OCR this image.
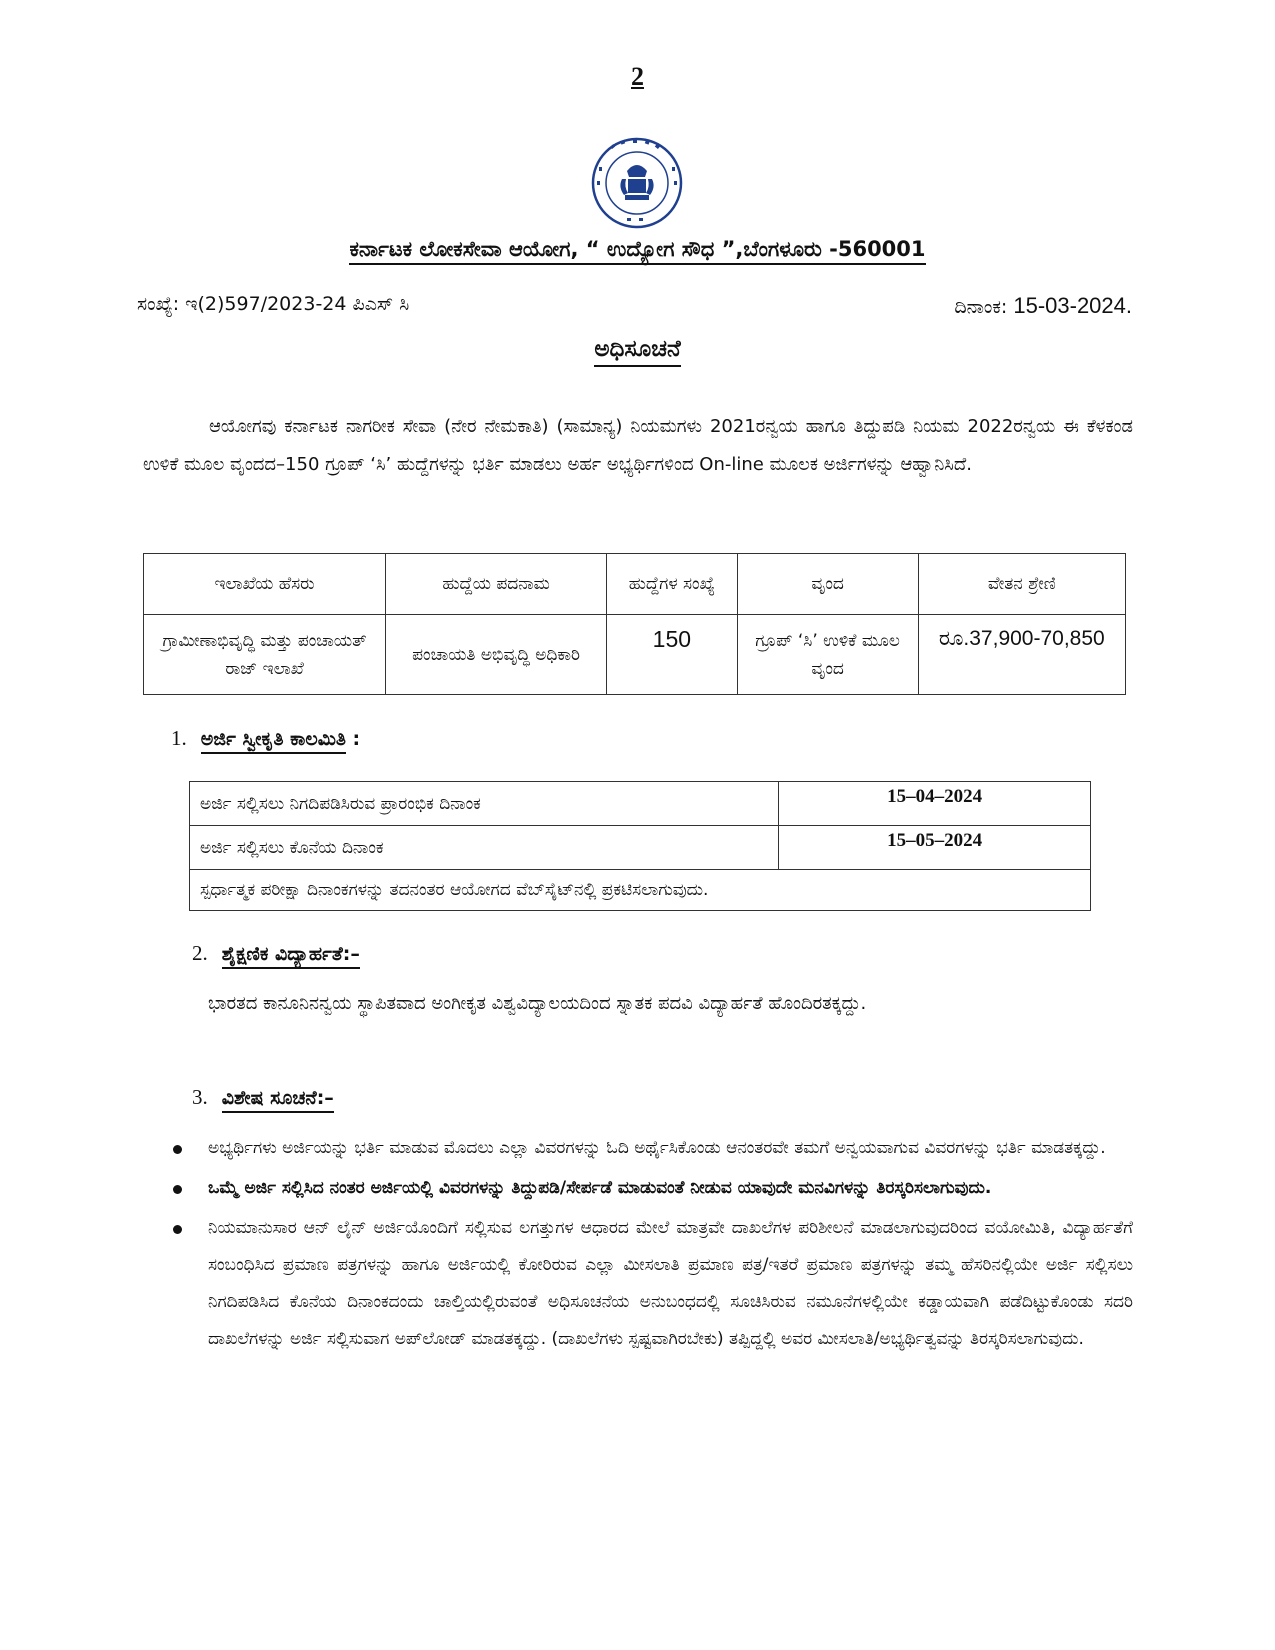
2
ಕರ್ನಾಟಕ ಲೋಕಸೇವಾ ಆಯೋಗ, “ ಉದ್ಯೋಗ ಸೌಧ ”,ಬೆಂಗಳೂರು -560001
ಸಂಖ್ಯೆ: ಇ(2)597/2023-24 ಪಿಎಸ್ ಸಿ	ದಿನಾಂಕ: 15-03-2024.
ಅಧಿಸೂಚನೆ
ಆಯೋಗವು ಕರ್ನಾಟಕ ನಾಗರೀಕ ಸೇವಾ (ನೇರ ನೇಮಕಾತಿ) (ಸಾಮಾನ್ಯ) ನಿಯಮಗಳು 2021ರನ್ವಯ ಹಾಗೂ ತಿದ್ದುಪಡಿ ನಿಯಮ 2022ರನ್ವಯ ಈ ಕೆಳಕಂಡ ಉಳಿಕೆ ಮೂಲ ವೃಂದದ–150 ಗ್ರೂಪ್ ‘ಸಿ’ ಹುದ್ದೆಗಳನ್ನು ಭರ್ತಿ ಮಾಡಲು ಅರ್ಹ ಅಭ್ಯರ್ಥಿಗಳಿಂದ On-line ಮೂಲಕ ಅರ್ಜಿಗಳನ್ನು ಆಹ್ವಾನಿಸಿದೆ.
ಇಲಾಖೆಯ ಹೆಸರು	ಹುದ್ದೆಯ ಪದನಾಮ	ಹುದ್ದೆಗಳ ಸಂಖ್ಯೆ	ವೃಂದ	ವೇತನ ಶ್ರೇಣಿ
ಗ್ರಾಮೀಣಾಭಿವೃದ್ಧಿ ಮತ್ತು ಪಂಚಾಯತ್ ರಾಜ್ ಇಲಾಖೆ	ಪಂಚಾಯತಿ ಅಭಿವೃದ್ಧಿ ಅಧಿಕಾರಿ	150	ಗ್ರೂಪ್ ‘ಸಿ’ ಉಳಿಕೆ ಮೂಲ ವೃಂದ	ರೂ.37,900-70,850
1. ಅರ್ಜಿ ಸ್ವೀಕೃತಿ ಕಾಲಮಿತಿ :
ಅರ್ಜಿ ಸಲ್ಲಿಸಲು ನಿಗದಿಪಡಿಸಿರುವ ಪ್ರಾರಂಭಿಕ ದಿನಾಂಕ	15–04–2024
ಅರ್ಜಿ ಸಲ್ಲಿಸಲು ಕೊನೆಯ ದಿನಾಂಕ	15–05–2024
ಸ್ಪರ್ಧಾತ್ಮಕ ಪರೀಕ್ಷಾ ದಿನಾಂಕಗಳನ್ನು ತದನಂತರ ಆಯೋಗದ ವೆಬ್‌ಸೈಟ್‌ನಲ್ಲಿ ಪ್ರಕಟಿಸಲಾಗುವುದು.	
2. ಶೈಕ್ಷಣಿಕ ವಿದ್ಯಾರ್ಹತೆ:–
ಭಾರತದ ಕಾನೂನಿನನ್ವಯ ಸ್ಥಾಪಿತವಾದ ಅಂಗೀಕೃತ ವಿಶ್ವವಿದ್ಯಾಲಯದಿಂದ ಸ್ನಾತಕ ಪದವಿ ವಿದ್ಯಾರ್ಹತೆ ಹೊಂದಿರತಕ್ಕದ್ದು.
3. ವಿಶೇಷ ಸೂಚನೆ:–
ಅಭ್ಯರ್ಥಿಗಳು ಅರ್ಜಿಯನ್ನು ಭರ್ತಿ ಮಾಡುವ ಮೊದಲು ಎಲ್ಲಾ ವಿವರಗಳನ್ನು ಓದಿ ಅರ್ಥೈಸಿಕೊಂಡು ಆನಂತರವೇ ತಮಗೆ ಅನ್ವಯವಾಗುವ ವಿವರಗಳನ್ನು ಭರ್ತಿ ಮಾಡತಕ್ಕದ್ದು.
ಒಮ್ಮೆ ಅರ್ಜಿ ಸಲ್ಲಿಸಿದ ನಂತರ ಅರ್ಜಿಯಲ್ಲಿ ವಿವರಗಳನ್ನು ತಿದ್ದುಪಡಿ/ಸೇರ್ಪಡೆ ಮಾಡುವಂತೆ ನೀಡುವ ಯಾವುದೇ ಮನವಿಗಳನ್ನು ತಿರಸ್ಕರಿಸಲಾಗುವುದು.
ನಿಯಮಾನುಸಾರ ಆನ್ ಲೈನ್ ಅರ್ಜಿಯೊಂದಿಗೆ ಸಲ್ಲಿಸುವ ಲಗತ್ತುಗಳ ಆಧಾರದ ಮೇಲೆ ಮಾತ್ರವೇ ದಾಖಲೆಗಳ ಪರಿಶೀಲನೆ ಮಾಡಲಾಗುವುದರಿಂದ ವಯೋಮಿತಿ, ವಿದ್ಯಾರ್ಹತೆಗೆ ಸಂಬಂಧಿಸಿದ ಪ್ರಮಾಣ ಪತ್ರಗಳನ್ನು ಹಾಗೂ ಅರ್ಜಿಯಲ್ಲಿ ಕೋರಿರುವ ಎಲ್ಲಾ ಮೀಸಲಾತಿ ಪ್ರಮಾಣ ಪತ್ರ/ಇತರೆ ಪ್ರಮಾಣ ಪತ್ರಗಳನ್ನು ತಮ್ಮ ಹೆಸರಿನಲ್ಲಿಯೇ ಅರ್ಜಿ ಸಲ್ಲಿಸಲು ನಿಗದಿಪಡಿಸಿದ ಕೊನೆಯ ದಿನಾಂಕದಂದು ಚಾಲ್ತಿಯಲ್ಲಿರುವಂತೆ ಅಧಿಸೂಚನೆಯ ಅನುಬಂಧದಲ್ಲಿ ಸೂಚಿಸಿರುವ ನಮೂನೆಗಳಲ್ಲಿಯೇ ಕಡ್ಡಾಯವಾಗಿ ಪಡೆದಿಟ್ಟುಕೊಂಡು ಸದರಿ ದಾಖಲೆಗಳನ್ನು ಅರ್ಜಿ ಸಲ್ಲಿಸುವಾಗ ಅಪ್‌ಲೋಡ್ ಮಾಡತಕ್ಕದ್ದು. (ದಾಖಲೆಗಳು ಸ್ಪಷ್ಟವಾಗಿರಬೇಕು) ತಪ್ಪಿದ್ದಲ್ಲಿ ಅವರ ಮೀಸಲಾತಿ/ಅಭ್ಯರ್ಥಿತ್ವವನ್ನು ತಿರಸ್ಕರಿಸಲಾಗುವುದು.
